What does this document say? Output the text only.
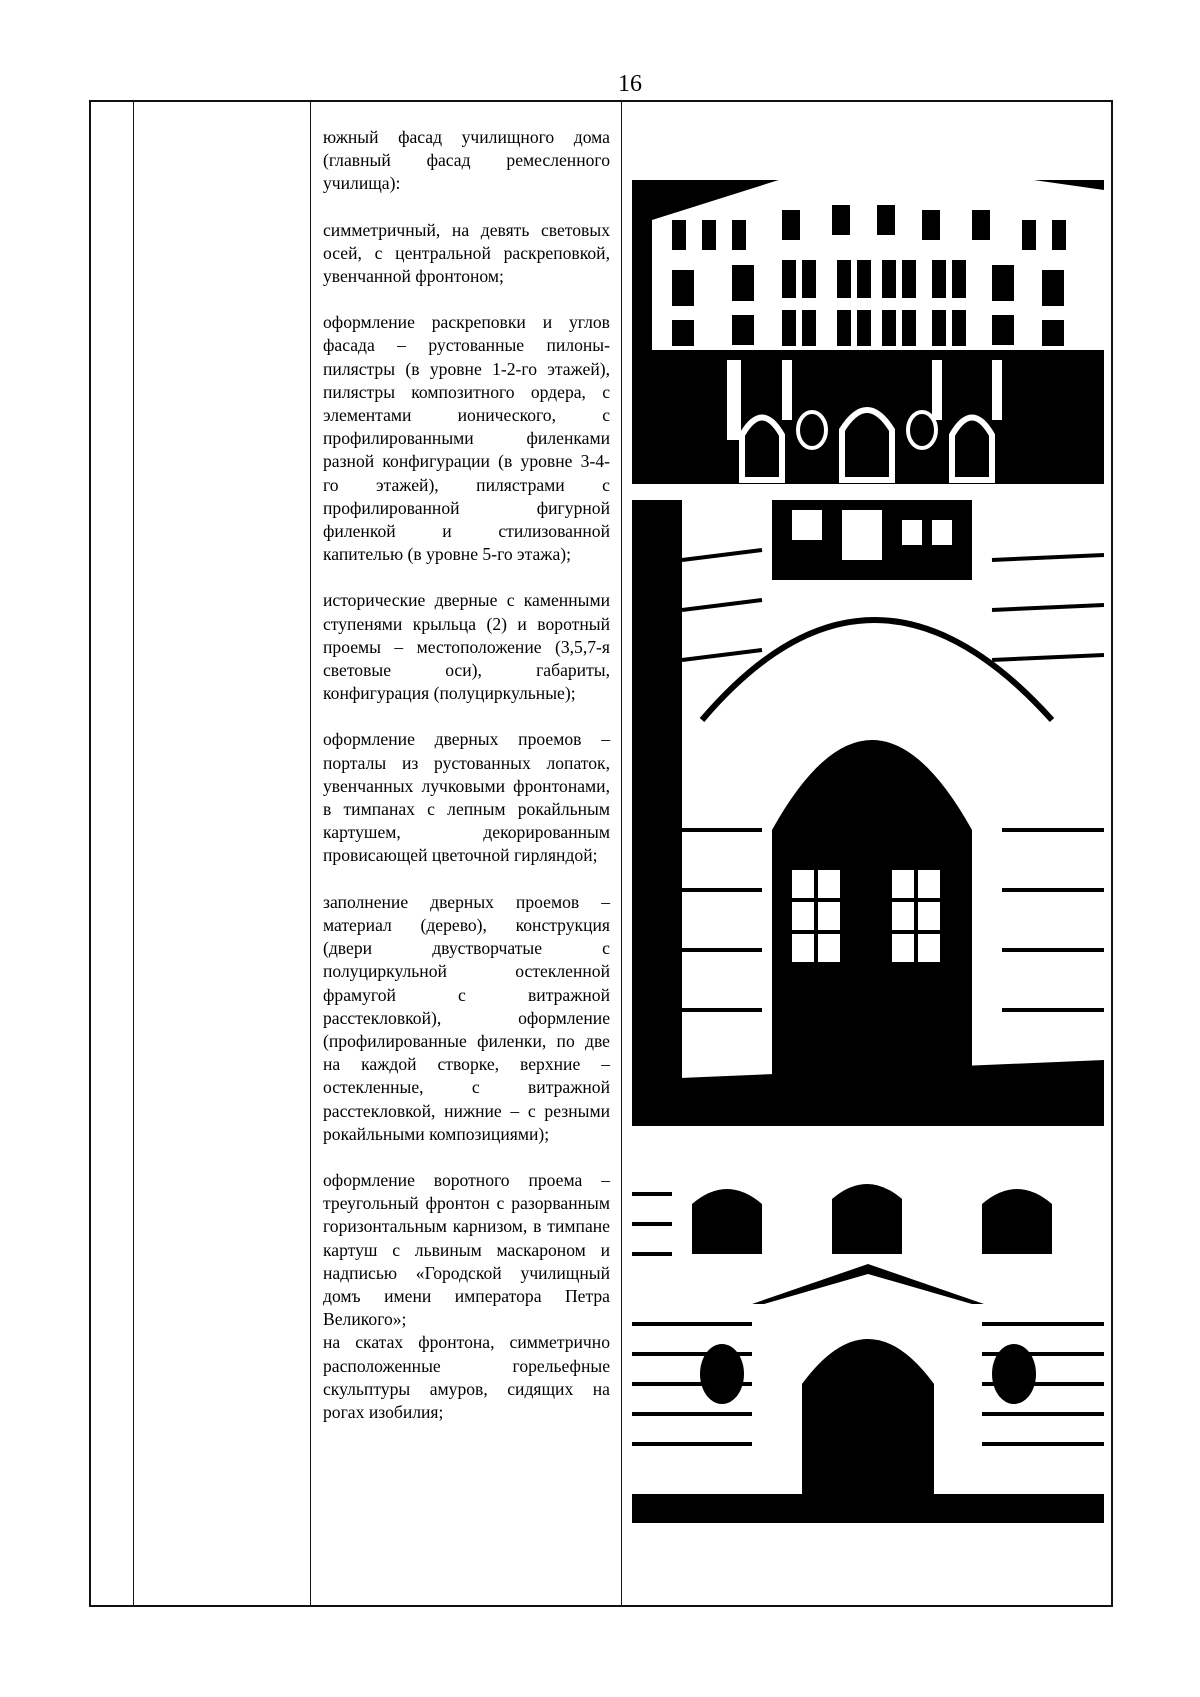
16

южный фасад училищного дома (главный фасад ремесленного училища):

симметричный, на девять световых осей, с центральной раскреповкой, увенчанной фронтоном;

оформление раскреповки и углов фасада – рустованные пилоны-пилястры (в уровне 1-2-го этажей), пилястры композитного ордера, с элементами ионического, с профилированными филенками разной конфигурации (в уровне 3-4-го этажей), пилястрами с профилированной фигурной филенкой и стилизованной капителью (в уровне 5-го этажа);

исторические дверные с каменными ступенями крыльца (2) и воротный проемы – местоположение (3,5,7-я световые оси), габариты, конфигурация (полуциркульные);

оформление дверных проемов – порталы из рустованных лопаток, увенчанных лучковыми фронтонами, в тимпанах с лепным рокайльным картушем, декорированным провисающей цветочной гирляндой;

заполнение дверных проемов – материал (дерево), конструкция (двери двустворчатые с полуциркульной остекленной фрамугой с витражной расстекловкой), оформление (профилированные филенки, по две на каждой створке, верхние – остекленные, с витражной расстекловкой, нижние – с резными рокайльными композициями);

оформление воротного проема – треугольный фронтон с разорванным горизонтальным карнизом, в тимпане картуш с львиным маскароном и надписью «Городской училищный домъ имени императора Петра Великого»;

на скатах фронтона, симметрично расположенные горельефные скульптуры амуров, сидящих на рогах изобилия;
